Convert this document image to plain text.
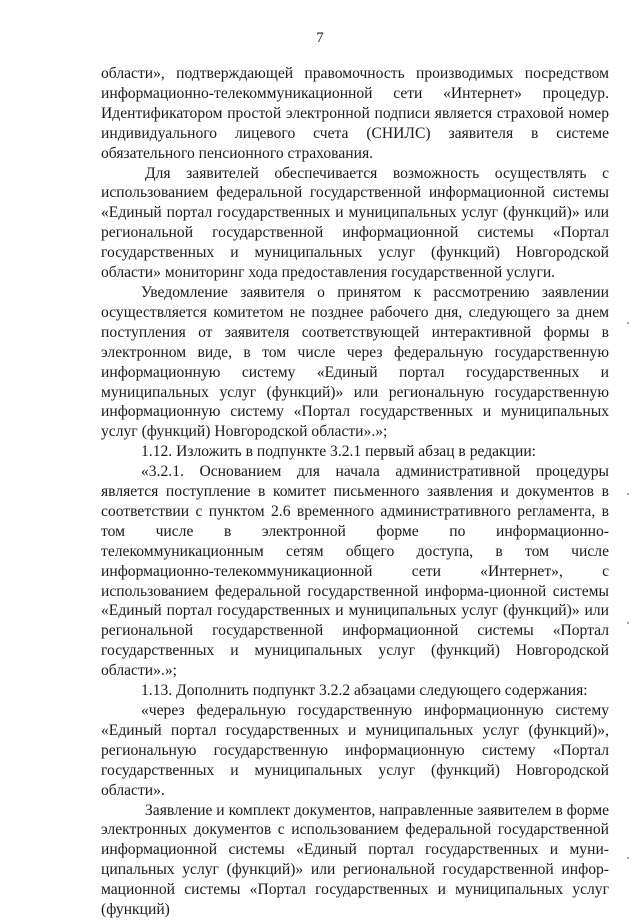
7

области», подтверждающей правомочность производимых посредством информационно-телекоммуникационной сети «Интернет» процедур. Идентификатором простой электронной подписи является страховой номер индивидуального лицевого счета (СНИЛС) заявителя в системе обязательного пенсионного страхования.

Для заявителей обеспечивается возможность осуществлять с использованием федеральной государственной информационной системы «Единый портал государственных и муниципальных услуг (функций)» или региональной государственной информационной системы «Портал государственных и муниципальных услуг (функций) Новгородской области» мониторинг хода предоставления государственной услуги.

Уведомление заявителя о принятом к рассмотрению заявлении осуществляется комитетом не позднее рабочего дня, следующего за днем поступления от заявителя соответствующей интерактивной формы в электронном виде, в том числе через федеральную государственную информационную систему «Единый портал государственных и муниципальных услуг (функций)» или региональную государственную информационную систему «Портал государственных и муниципальных услуг (функций) Новгородской области».»;

1.12. Изложить в подпункте 3.2.1 первый абзац в редакции:

«3.2.1. Основанием для начала административной процедуры является поступление в комитет письменного заявления и документов в соответствии с пунктом 2.6 временного административного регламента, в том числе в электронной форме по информационно-телекоммуникационным сетям общего доступа, в том числе информационно-телекоммуникационной сети «Интернет», с использованием федеральной государственной информа-ционной системы «Единый портал государственных и муниципальных услуг (функций)» или региональной государственной информационной системы «Портал государственных и муниципальных услуг (функций) Новгородской области».»;

1.13. Дополнить подпункт 3.2.2 абзацами следующего содержания:

«через федеральную государственную информационную систему «Единый портал государственных и муниципальных услуг (функций)», региональную государственную информационную систему «Портал государственных и муниципальных услуг (функций) Новгородской области».

Заявление и комплект документов, направленные заявителем в форме электронных документов с использованием федеральной государственной информационной системы «Единый портал государственных и муни-ципальных услуг (функций)» или региональной государственной инфор-мационной системы «Портал государственных и муниципальных услуг (функций)
